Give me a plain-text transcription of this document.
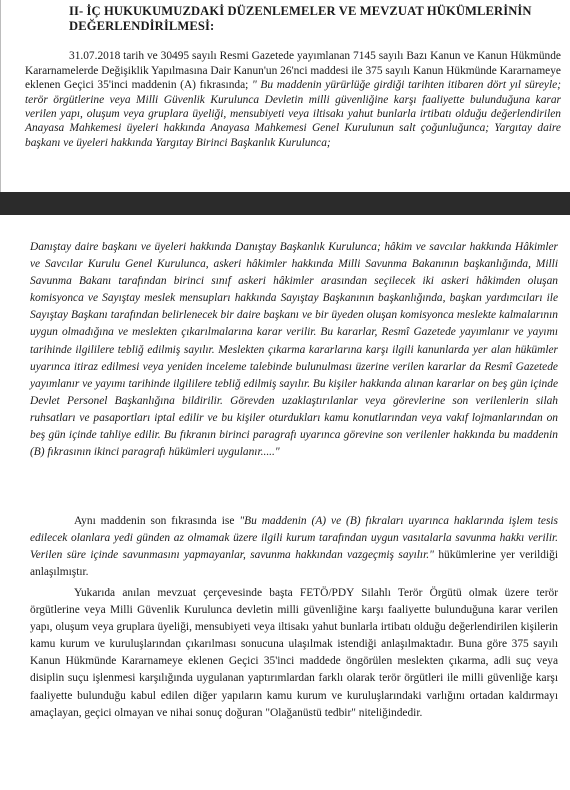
II- İÇ HUKUKUMUZDAKİ DÜZENLEMELER VE MEVZUAT HÜKÜMLERİNİN
DEĞERLENDİRİLMESİ:

31.07.2018 tarih ve 30495 sayılı Resmi Gazetede yayımlanan 7145 sayılı Bazı Kanun ve Kanun Hükmünde Kararnamelerde Değişiklik Yapılmasına Dair Kanun'un 26'nci maddesi ile 375 sayılı Kanun Hükmünde Kararnameye eklenen Geçici 35'inci maddenin (A) fıkrasında; " Bu maddenin yürürlüğe girdiği tarihten itibaren dört yıl süreyle; terör örgütlerine veya Milli Güvenlik Kurulunca Devletin milli güvenliğine karşı faaliyette bulunduğuna karar verilen yapı, oluşum veya gruplara üyeliği, mensubiyeti veya iltisakı yahut bunlarla irtibatı olduğu değerlendirilen Anayasa Mahkemesi üyeleri hakkında Anayasa Mahkemesi Genel Kurulunun salt çoğunluğunca; Yargıtay daire başkanı ve üyeleri hakkında Yargıtay Birinci Başkanlık Kurulunca;

Danıştay daire başkanı ve üyeleri hakkında Danıştay Başkanlık Kurulunca; hâkim ve savcılar hakkında Hâkimler ve Savcılar Kurulu Genel Kurulunca, askeri hâkimler hakkında Milli Savunma Bakanının başkanlığında, Milli Savunma Bakanı tarafından birinci sınıf askeri hâkimler arasından seçilecek iki askeri hâkimden oluşan komisyonca ve Sayıştay meslek mensupları hakkında Sayıştay Başkanının başkanlığında, başkan yardımcıları ile Sayıştay Başkanı tarafından belirlenecek bir daire başkanı ve bir üyeden oluşan komisyonca meslekte kalmalarının uygun olmadığına ve meslekten çıkarılmalarına karar verilir. Bu kararlar, Resmî Gazetede yayımlanır ve yayımı tarihinde ilgililere tebliğ edilmiş sayılır. Meslekten çıkarma kararlarına karşı ilgili kanunlarda yer alan hükümler uyarınca itiraz edilmesi veya yeniden inceleme talebinde bulunulması üzerine verilen kararlar da Resmî Gazetede yayımlanır ve yayımı tarihinde ilgililere tebliğ edilmiş sayılır. Bu kişiler hakkında alınan kararlar on beş gün içinde Devlet Personel Başkanlığına bildirilir. Görevden uzaklaştırılanlar veya görevlerine son verilenlerin silah ruhsatları ve pasaportları iptal edilir ve bu kişiler oturdukları kamu konutlarından veya vakıf lojmanlarından on beş gün içinde tahliye edilir. Bu fıkranın birinci paragrafı uyarınca görevine son verilenler hakkında bu maddenin (B) fıkrasının ikinci paragrafı hükümleri uygulanır....."

Aynı maddenin son fıkrasında ise "Bu maddenin (A) ve (B) fıkraları uyarınca haklarında işlem tesis edilecek olanlara yedi günden az olmamak üzere ilgili kurum tarafından uygun vasıtalarla savunma hakkı verilir. Verilen süre içinde savunmasını yapmayanlar, savunma hakkından vazgeçmiş sayılır." hükümlerine yer verildiği anlaşılmıştır.

Yukarıda anılan mevzuat çerçevesinde başta FETÖ/PDY Silahlı Terör Örgütü olmak üzere terör örgütlerine veya Milli Güvenlik Kurulunca devletin milli güvenliğine karşı faaliyette bulunduğuna karar verilen yapı, oluşum veya gruplara üyeliği, mensubiyeti veya iltisakı yahut bunlarla irtibatı olduğu değerlendirilen kişilerin kamu kurum ve kuruluşlarından çıkarılması sonucuna ulaşılmak istendiği anlaşılmaktadır. Buna göre 375 sayılı Kanun Hükmünde Kararnameye eklenen Geçici 35'inci maddede öngörülen meslekten çıkarma, adli suç veya disiplin suçu işlenmesi karşılığında uygulanan yaptırımlardan farklı olarak terör örgütleri ile milli güvenliğe karşı faaliyette bulunduğu kabul edilen diğer yapıların kamu kurum ve kuruluşlarındaki varlığını ortadan kaldırmayı amaçlayan, geçici olmayan ve nihai sonuç doğuran "Olağanüstü tedbir" niteliğindedir.
